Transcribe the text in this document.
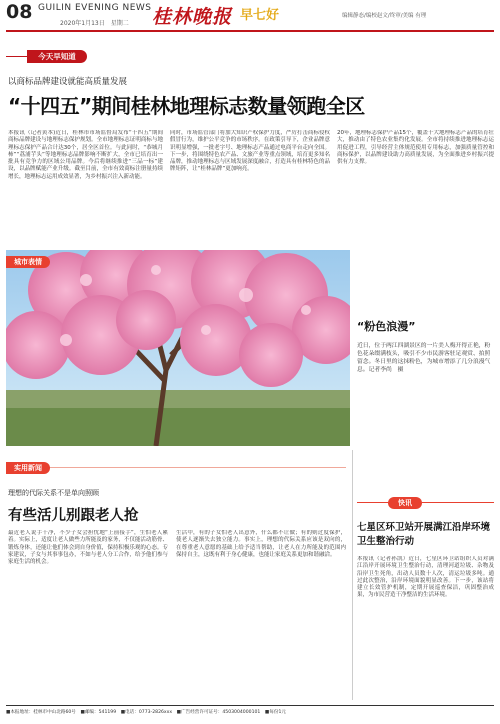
08 GUILIN EVENING NEWS
2020年1月13日　星期二 桂林晚报 早七好	编辑静态/编校赵文/终审/美编 有理
今天早知道
以商标品牌建设就能高质量发展
“十四五”期间桂林地理标志数量领跑全区
本报讯（记者黄本)近日，桂林市市场监督局发布“十四五”期间商标品牌建设与地理标志保护规划。全市地理标志证明商标与地理标志保护产品合计达30个，居全区首位。与此同时，“恭城月柿”“荔浦芋头”等地理标志品牌影响不断扩大，全市已培育出一批具有竞争力的区域公用品牌。今后将继续推进“三品一标”建设，以品牌赋能产业升级。截至目前，全市有效商标注册量持续增长，地理标志运用成效显著，为乡村振兴注入新动能。
同时，市场监管部门将加大知识产权保护力度，严厉打击商标侵权假冒行为，维护公平竞争的市场秩序。在政策引导下，企业品牌意识明显增强，一批老字号、地理标志产品通过电商平台走向全国。下一步，将围绕特色农产品、文旅产业等重点领域，培育更多知名品牌，推动地理标志与区域发展深度融合，打造具有桂林特色的品牌矩阵，让“桂林品牌”更加响亮。
20年，地理标志保护产品15个，覆盖十大地理标志产品的培育壮大，推动由了特色农业集约化发展。全市将持续推进地理标志运用促进工程，引导经营主体规范使用专用标志，加强质量管控和商标保护，以品牌建设助力高质量发展，为全面推进乡村振兴提供有力支撑。
城市表情
“粉色浪漫”
近日，位于两江四湖景区的一片美人梅开得正艳，粉色花朵缀满枝头，吸引不少市民游客驻足观赏、拍照留念。冬日里的这抹粉色，为城市增添了几分浪漫气息。记者李尚　摄
实用新闻
理想的代际关系不是单向照顾
有些活儿别跟老人抢
最近老人说手干净，不少子女会担忧地“上前接手”，生怕老人累着。实际上，适度让老人做些力所能及的家务，不仅能活动筋骨、锻炼身体，还能让他们体会到自身价值，保持积极乐观的心态。专家建议，子女与其事事包办，不如与老人分工合作，给予他们参与家庭生活的机会。
生活中，有的子女怕老人出意外，什么都不让做；有的则过度保护，使老人逐渐失去独立能力。事实上，理想的代际关系应该是双向的，在尊重老人意愿的基础上给予适当帮助，让老人在力所能及的范围内保持自主，这既有利于身心健康，也能让家庭关系更加和谐融洽。
快讯
七星区环卫站开展满江沿岸环境卫生整治行动
本报讯（记者孙凯）近日，七星区环卫站组织人员对满江沿岸开展环境卫生整治行动，清理河道垃圾、杂物及沿岸卫生死角，出动人员数十人次，清运垃圾多吨。通过此次整治，沿岸环境面貌明显改善。下一步，该站将建立长效管护机制，定期开展巡查保洁，巩固整治成果，为市民营造干净整洁的生活环境。
■本报地址：桂林市中山北路60号　■邮编：541199　■电话：0773-2826xxx　■广告经营许可证号：4503004000101　■每份1元
